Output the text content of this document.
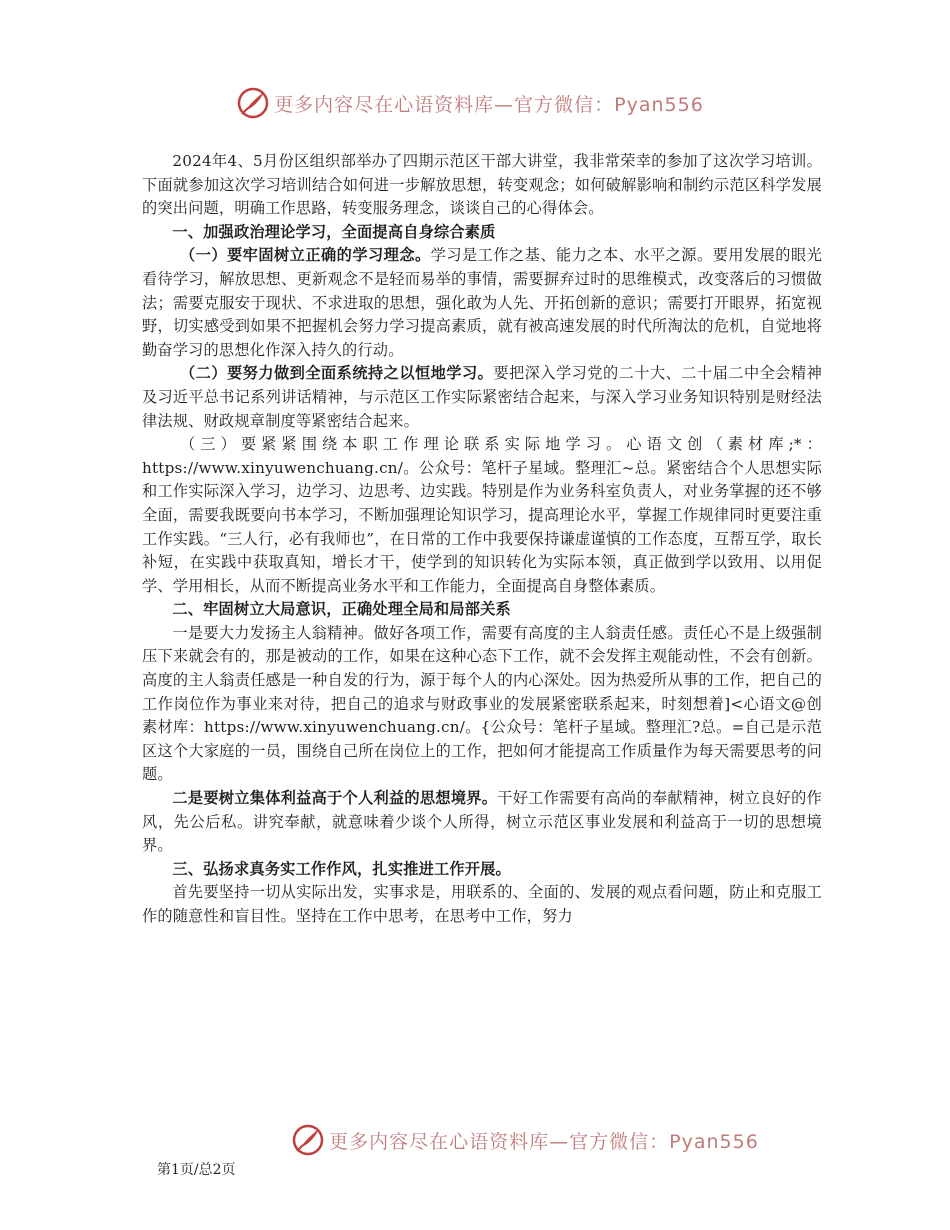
更多内容尽在心语资料库—官方微信：Pyan556

2024年4、5月份区组织部举办了四期示范区干部大讲堂，我非常荣幸的参加了这次学习培训。下面就参加这次学习培训结合如何进一步解放思想，转变观念；如何破解影响和制约示范区科学发展的突出问题，明确工作思路，转变服务理念，谈谈自己的心得体会。

一、加强政治理论学习，全面提高自身综合素质

（一）要牢固树立正确的学习理念。学习是工作之基、能力之本、水平之源。要用发展的眼光看待学习，解放思想、更新观念不是轻而易举的事情，需要摒弃过时的思维模式，改变落后的习惯做法；需要克服安于现状、不求进取的思想，强化敢为人先、开拓创新的意识；需要打开眼界，拓宽视野，切实感受到如果不把握机会努力学习提高素质，就有被高速发展的时代所淘汰的危机，自觉地将勤奋学习的思想化作深入持久的行动。

（二）要努力做到全面系统持之以恒地学习。要把深入学习党的二十大、二十届二中全会精神及习近平总书记系列讲话精神，与示范区工作实际紧密结合起来，与深入学习业务知识特别是财经法律法规、财政规章制度等紧密结合起来。

（三）要紧紧围绕本职工作理论联系实际地学习。心语文创（素材库;*：https://www.xinyuwenchuang.cn/。公众号：笔杆子星域。整理汇~总。紧密结合个人思想实际和工作实际深入学习，边学习、边思考、边实践。特别是作为业务科室负责人，对业务掌握的还不够全面，需要我既要向书本学习，不断加强理论知识学习，提高理论水平，掌握工作规律同时更要注重工作实践。“三人行，必有我师也”，在日常的工作中我要保持谦虚谨慎的工作态度，互帮互学，取长补短，在实践中获取真知，增长才干，使学到的知识转化为实际本领，真正做到学以致用、以用促学、学用相长，从而不断提高业务水平和工作能力，全面提高自身整体素质。

二、牢固树立大局意识，正确处理全局和局部关系

一是要大力发扬主人翁精神。做好各项工作，需要有高度的主人翁责任感。责任心不是上级强制压下来就会有的，那是被动的工作，如果在这种心态下工作，就不会发挥主观能动性，不会有创新。高度的主人翁责任感是一种自发的行为，源于每个人的内心深处。因为热爱所从事的工作，把自己的工作岗位作为事业来对待，把自己的追求与财政事业的发展紧密联系起来，时刻想着]<心语文@创素材库：https://www.xinyuwenchuang.cn/。{公众号：笔杆子星域。整理汇?总。=自己是示范区这个大家庭的一员，围绕自己所在岗位上的工作，把如何才能提高工作质量作为每天需要思考的问题。

二是要树立集体利益高于个人利益的思想境界。干好工作需要有高尚的奉献精神，树立良好的作风，先公后私。讲究奉献，就意味着少谈个人所得，树立示范区事业发展和利益高于一切的思想境界。

三、弘扬求真务实工作作风，扎实推进工作开展。

首先要坚持一切从实际出发，实事求是，用联系的、全面的、发展的观点看问题，防止和克服工作的随意性和盲目性。坚持在工作中思考，在思考中工作，努力

更多内容尽在心语资料库—官方微信：Pyan556
第1页/总2页
